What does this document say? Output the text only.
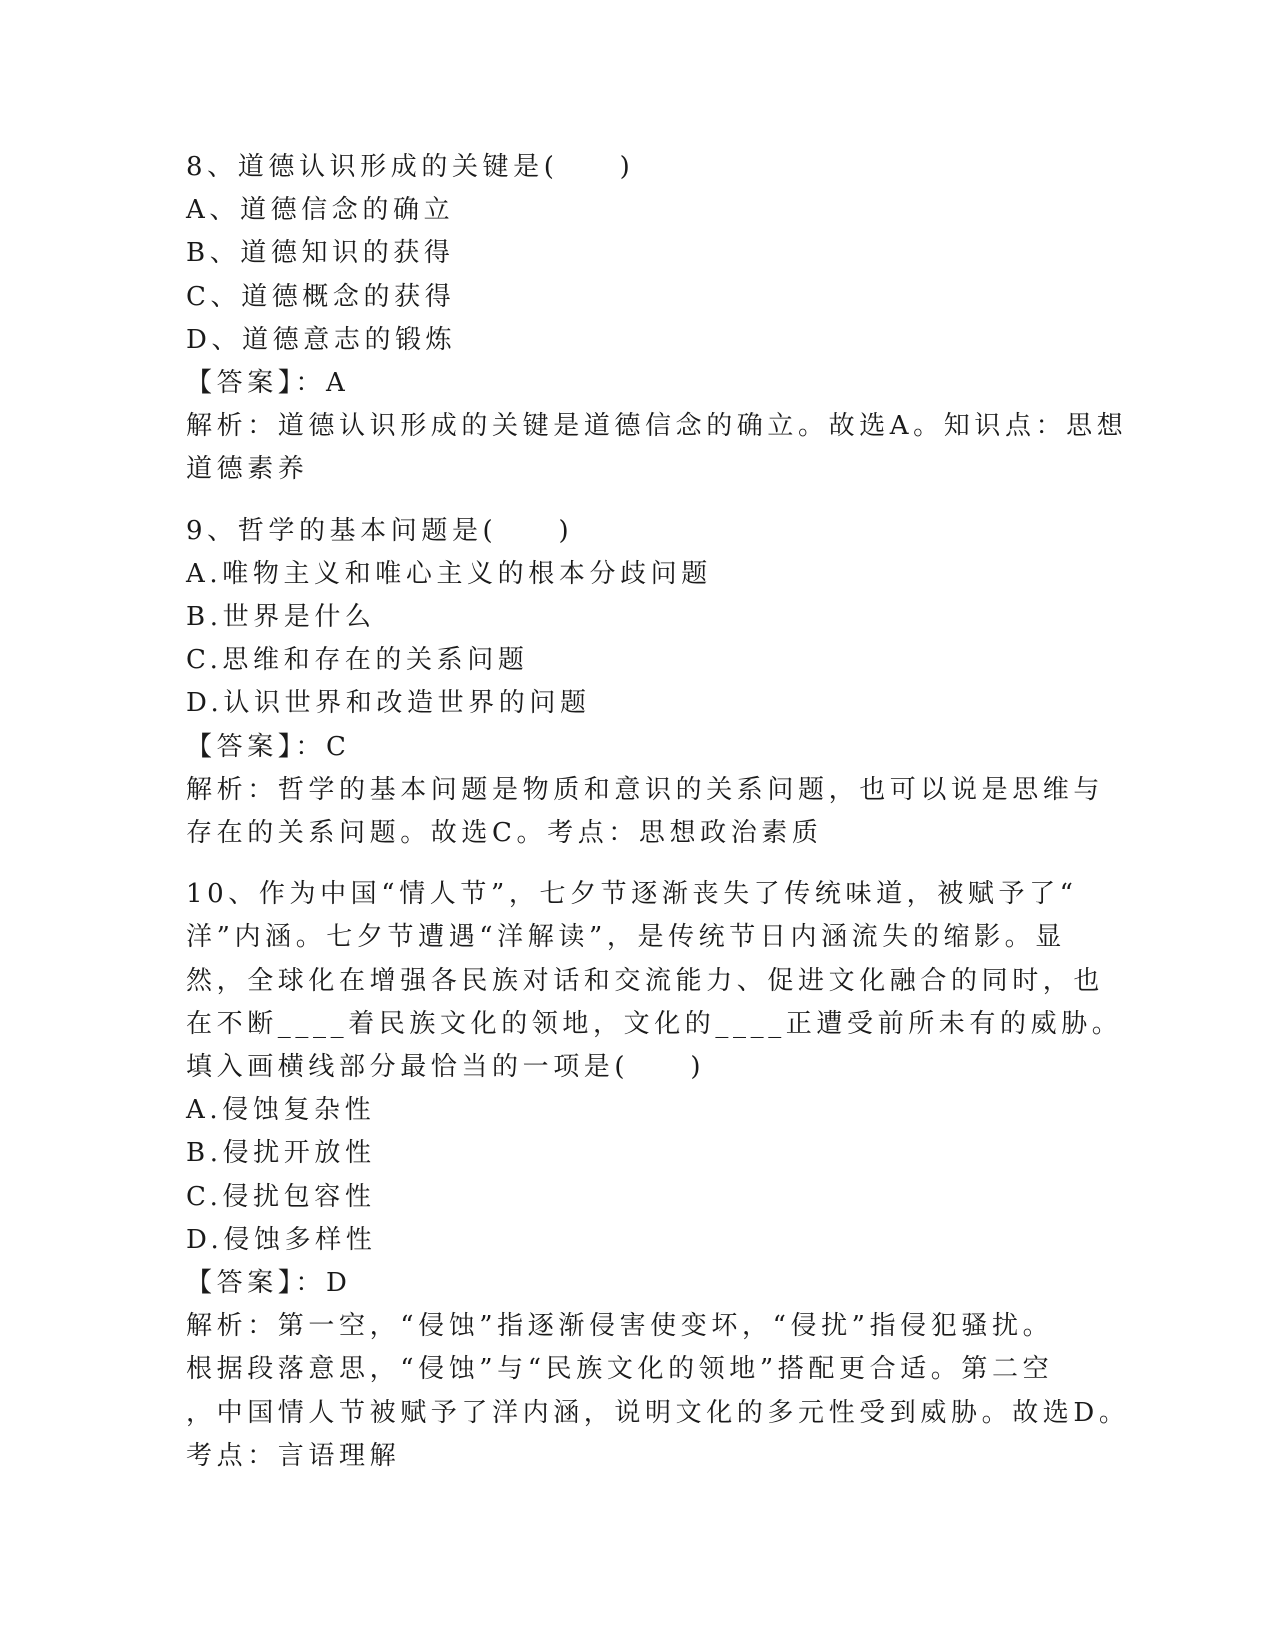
8、道德认识形成的关键是(　　)

A、道德信念的确立

B、道德知识的获得

C、道德概念的获得

D、道德意志的锻炼

【答案】：A

解析：道德认识形成的关键是道德信念的确立。故选A。知识点：思想

道德素养

9、哲学的基本问题是(　　)

A.唯物主义和唯心主义的根本分歧问题

B.世界是什么

C.思维和存在的关系问题

D.认识世界和改造世界的问题

【答案】：C

解析：哲学的基本问题是物质和意识的关系问题，也可以说是思维与

存在的关系问题。故选C。考点：思想政治素质

10、作为中国“情人节”，七夕节逐渐丧失了传统味道，被赋予了“

洋”内涵。七夕节遭遇“洋解读”，是传统节日内涵流失的缩影。显

然，全球化在增强各民族对话和交流能力、促进文化融合的同时，也

在不断____着民族文化的领地，文化的____正遭受前所未有的威胁。

填入画横线部分最恰当的一项是(　　)

A.侵蚀复杂性

B.侵扰开放性

C.侵扰包容性

D.侵蚀多样性

【答案】：D

解析：第一空，“侵蚀”指逐渐侵害使变坏，“侵扰”指侵犯骚扰。

根据段落意思，“侵蚀”与“民族文化的领地”搭配更合适。第二空

，中国情人节被赋予了洋内涵，说明文化的多元性受到威胁。故选D。

考点：言语理解
